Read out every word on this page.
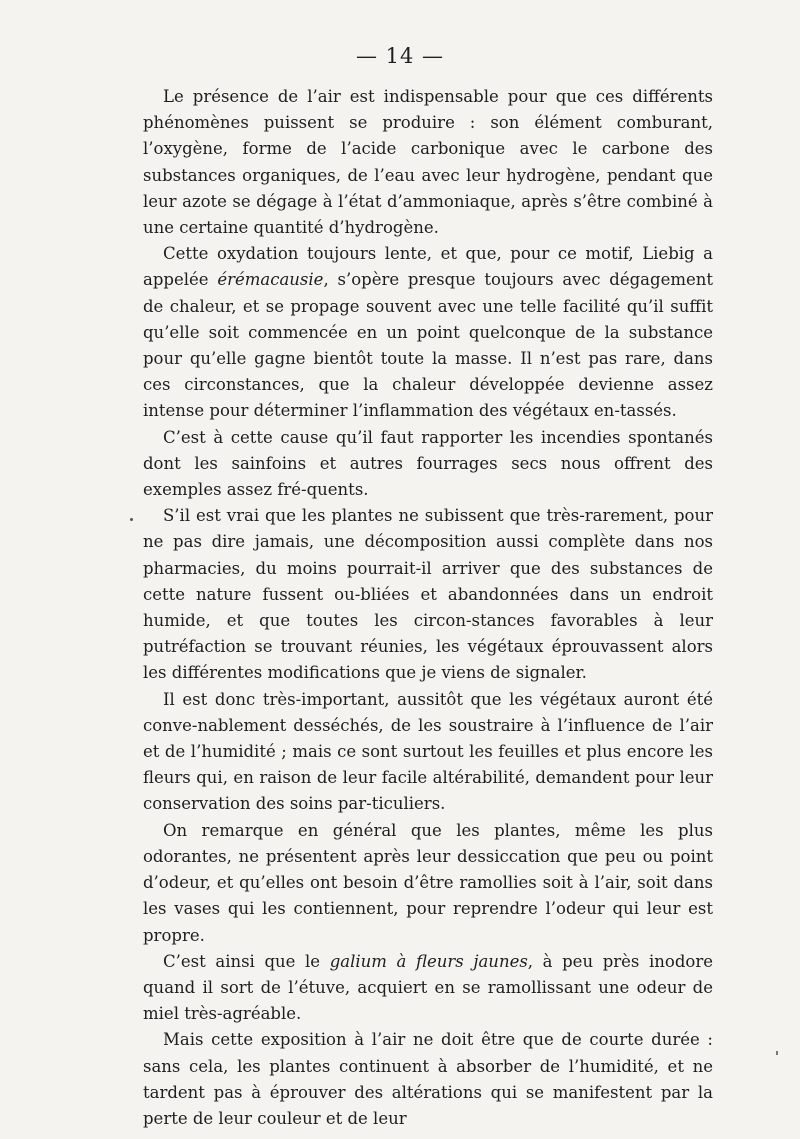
— 14 —

Le présence de l’air est indispensable pour que ces différents phénomènes puissent se produire : son élément comburant, l’oxygène, forme de l’acide carbonique avec le carbone des substances organiques, de l’eau avec leur hydrogène, pendant que leur azote se dégage à l’état d’ammoniaque, après s’être combiné à une certaine quantité d’hydrogène.

Cette oxydation toujours lente, et que, pour ce motif, Liebig a appelée érémacausie, s’opère presque toujours avec dégagement de chaleur, et se propage souvent avec une telle facilité qu’il suffit qu’elle soit commencée en un point quelconque de la substance pour qu’elle gagne bientôt toute la masse. Il n’est pas rare, dans ces circonstances, que la chaleur développée devienne assez intense pour déterminer l’inflammation des végétaux en-tassés.

C’est à cette cause qu’il faut rapporter les incendies spontanés dont les sainfoins et autres fourrages secs nous offrent des exemples assez fré-quents.

S’il est vrai que les plantes ne subissent que très-rarement, pour ne pas dire jamais, une décomposition aussi complète dans nos pharmacies, du moins pourrait-il arriver que des substances de cette nature fussent ou-bliées et abandonnées dans un endroit humide, et que toutes les circon-stances favorables à leur putréfaction se trouvant réunies, les végétaux éprouvassent alors les différentes modifications que je viens de signaler.

Il est donc très-important, aussitôt que les végétaux auront été conve-nablement desséchés, de les soustraire à l’influence de l’air et de l’humidité ; mais ce sont surtout les feuilles et plus encore les fleurs qui, en raison de leur facile altérabilité, demandent pour leur conservation des soins par-ticuliers.

On remarque en général que les plantes, même les plus odorantes, ne présentent après leur dessiccation que peu ou point d’odeur, et qu’elles ont besoin d’être ramollies soit à l’air, soit dans les vases qui les contiennent, pour reprendre l’odeur qui leur est propre.

C’est ainsi que le galium à fleurs jaunes, à peu près inodore quand il sort de l’étuve, acquiert en se ramollissant une odeur de miel très-agréable.

Mais cette exposition à l’air ne doit être que de courte durée : sans cela, les plantes continuent à absorber de l’humidité, et ne tardent pas à éprouver des altérations qui se manifestent par la perte de leur couleur et de leur
